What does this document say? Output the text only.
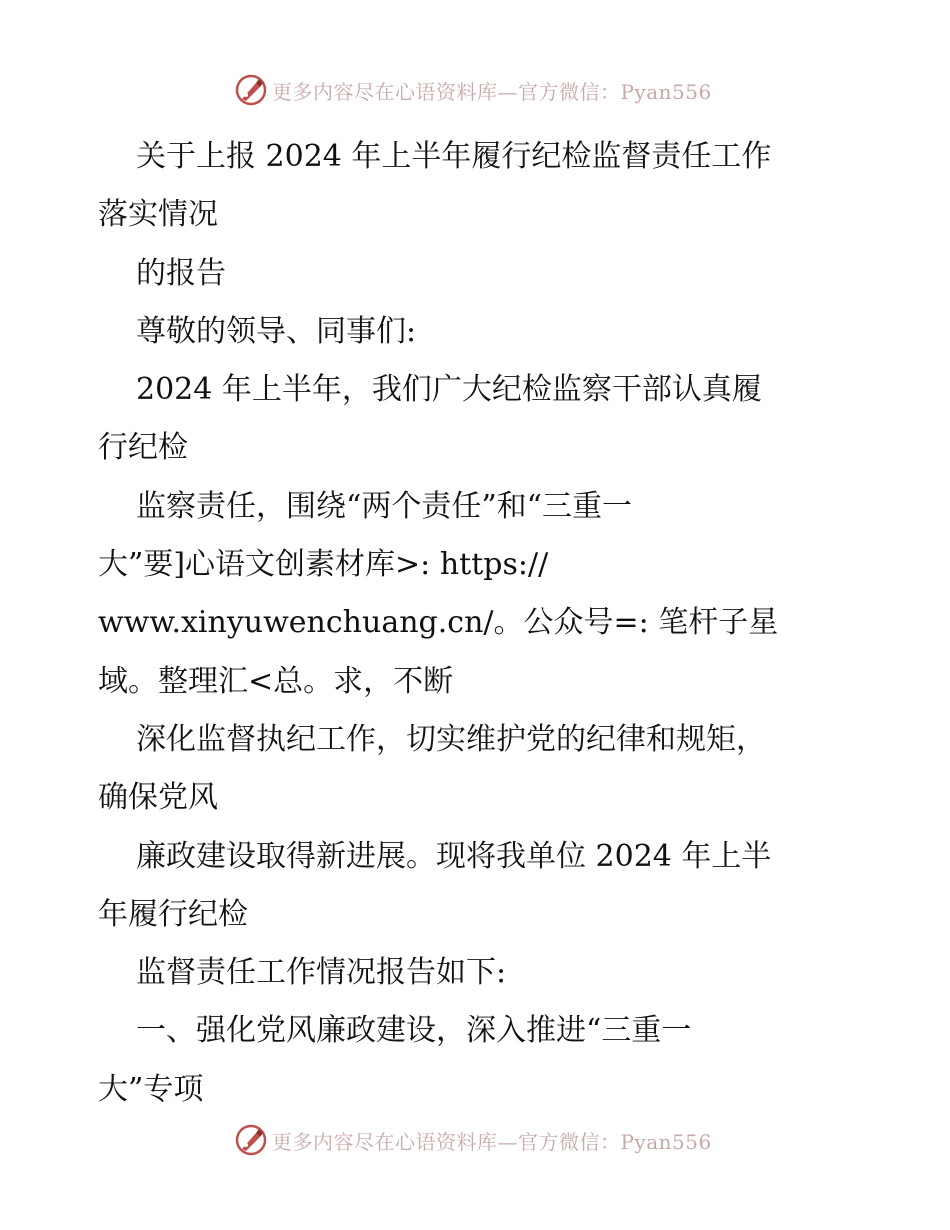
更多内容尽在心语资料库—官方微信：Pyan556
关于上报 2024 年上半年履行纪检监督责任工作
落实情况
的报告
尊敬的领导、同事们:
2024 年上半年，我们广大纪检监察干部认真履
行纪检
监察责任，围绕“两个责任”和“三重一
大”要]心语文创素材库>: https://
www.xinyuwenchuang.cn/。公众号=: 笔杆子星
域。整理汇<总。求，不断
深化监督执纪工作，切实维护党的纪律和规矩，
确保党风
廉政建设取得新进展。现将我单位 2024 年上半
年履行纪检
监督责任工作情况报告如下:
一、强化党风廉政建设，深入推进“三重一
大”专项
更多内容尽在心语资料库—官方微信：Pyan556
